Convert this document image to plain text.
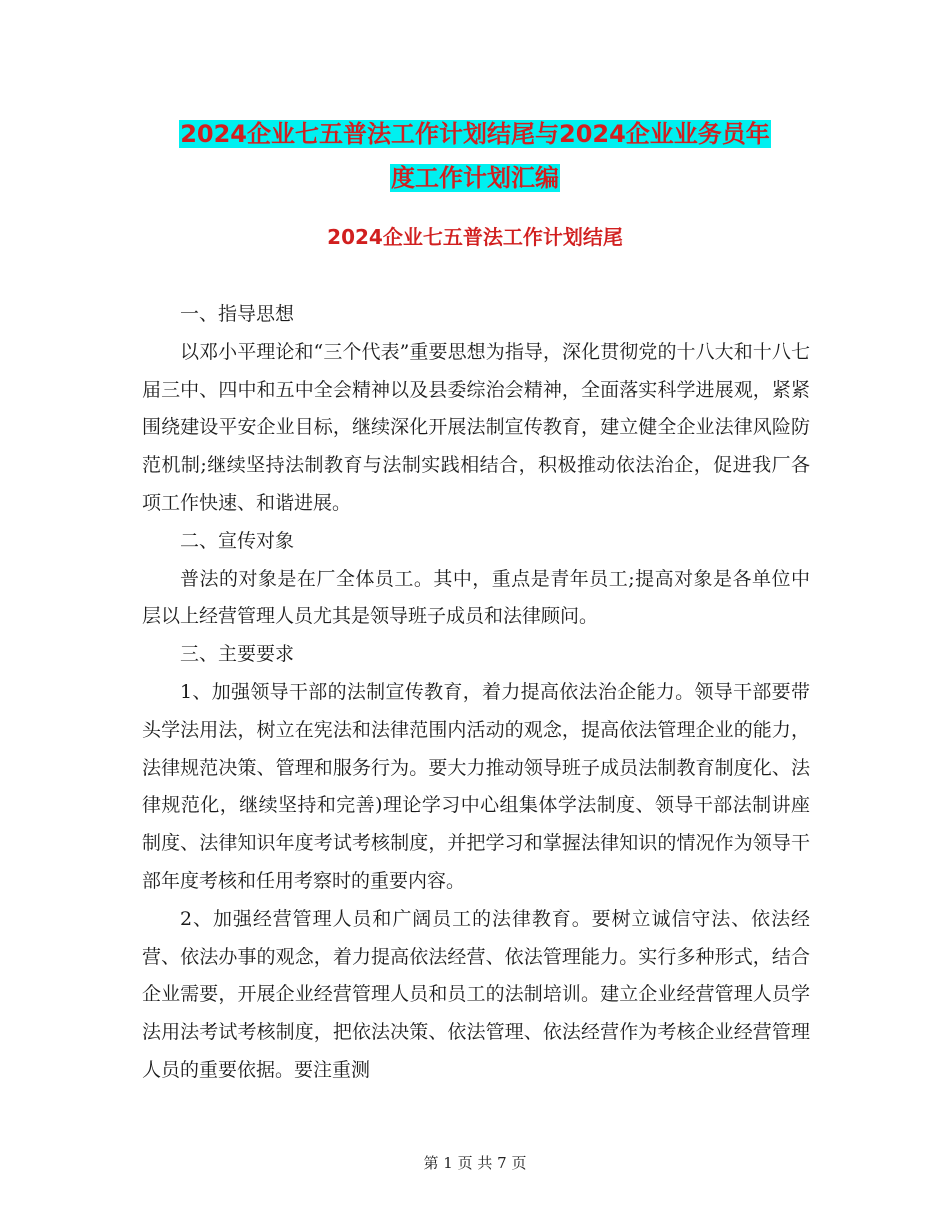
2024企业七五普法工作计划结尾与2024企业业务员年
度工作计划汇编
2024企业七五普法工作计划结尾

一、指导思想

以邓小平理论和“三个代表”重要思想为指导，深化贯彻党的十八大和十八七届三中、四中和五中全会精神以及县委综治会精神，全面落实科学进展观，紧紧围绕建设平安企业目标，继续深化开展法制宣传教育，建立健全企业法律风险防范机制;继续坚持法制教育与法制实践相结合，积极推动依法治企，促进我厂各项工作快速、和谐进展。

二、宣传对象

普法的对象是在厂全体员工。其中，重点是青年员工;提高对象是各单位中层以上经营管理人员尤其是领导班子成员和法律顾问。

三、主要要求

1、加强领导干部的法制宣传教育，着力提高依法治企能力。领导干部要带头学法用法，树立在宪法和法律范围内活动的观念，提高依法管理企业的能力，法律规范决策、管理和服务行为。要大力推动领导班子成员法制教育制度化、法律规范化，继续坚持和完善)理论学习中心组集体学法制度、领导干部法制讲座制度、法律知识年度考试考核制度，并把学习和掌握法律知识的情况作为领导干部年度考核和任用考察时的重要内容。

2、加强经营管理人员和广阔员工的法律教育。要树立诚信守法、依法经营、依法办事的观念，着力提高依法经营、依法管理能力。实行多种形式，结合企业需要，开展企业经营管理人员和员工的法制培训。建立企业经营管理人员学法用法考试考核制度，把依法决策、依法管理、依法经营作为考核企业经营管理人员的重要依据。要注重测

第 1 页 共 7 页
